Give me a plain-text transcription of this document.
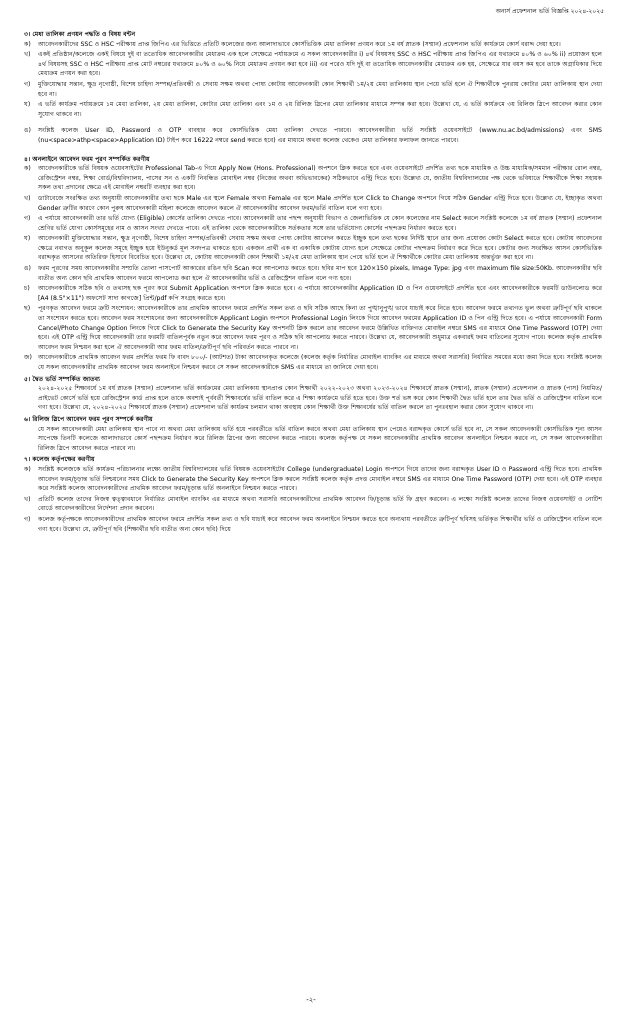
অনার্স প্রফেশনাল ভর্তি বিজ্ঞপ্তি ২০২৪-২০২৫
৩। মেধা তালিকা প্রণয়ন পদ্ধতি ও বিষয় বন্টন
ক)	আবেদনকারীদের SSC ও HSC পরীক্ষায় প্রাপ্ত জিপিএ এর ভিত্তিতে প্রতিটি কলেজের জন্য আলাদাভাবে কোর্সভিত্তিক মেধা তালিকা প্রণয়ন করে ১ম বর্ষ স্নাতক (সম্মান) প্রফেশনাল ভর্তি কার্যক্রমে কোর্স বরাদ্দ দেয়া হবে।
খ)	একই প্রতিষ্ঠান/কলেজে একই বিষয়ে দুই বা ততোধিক আবেদনকারীর মেধাক্রম এক হলে সেক্ষেত্রে পর্যায়ক্রমে এ সকল আবেদনকারীর i) ৪র্থ বিষয়সহ SSC ও HSC পরীক্ষায় প্রাপ্ত জিপিএ এর যথাক্রমে ৪০% ও ৬০% ii) প্রয়োজন হলে ৪র্থ বিষয়সহ SSC ও HSC পরীক্ষায় প্রাপ্ত মোট নম্বরের যথাক্রমে ৪০% ও ৬০% নিয়ে মেধাক্রম প্রণয়ন করা হবে iii) এর পরেও যদি দুই বা ততোধিক আবেদনকারীর মেধাক্রম এক হয়, সেক্ষেত্রে যার বয়স কম হবে তাকে অগ্রাধিকার দিয়ে মেধাক্রম প্রণয়ন করা হবে।
গ)	মুক্তিযোদ্ধার সন্তান, ক্ষুদ্র নৃগোষ্ঠী, বিশেষ চাহিদা সম্পন্ন/প্রতিবন্ধী ও সেবায় সক্ষম অথবা পোষ্য কোটায় আবেদনকারী কোন শিক্ষার্থী ১ম/২য় মেধা তালিকায় স্থান পেয়ে ভর্তি হলে ঐ শিক্ষার্থীকে পুনরায় কোটার মেধা তালিকায় স্থান দেয়া হবে না।
ঘ)	এ ভর্তি কার্যক্রম পর্যায়ক্রমে ১ম মেধা তালিকা, ২য় মেধা তালিকা, কোটার মেধা তালিকা এবং ১ম ও ২য় রিলিজ স্লিপের মেধা তালিকার মাধ্যমে সম্পন্ন করা হবে। উল্লেখ্য যে, এ ভর্তি কার্যক্রমে ৩য় রিলিজ স্লিপে আবেদন করার কোন সুযোগ থাকবে না।
ঙ)	সংশ্লিষ্ট কলেজ User ID, Password ও OTP ব্যবহার করে কোর্সভিত্তিক মেধা তালিকা দেখতে পারবে। আবেদনকারীরা ভর্তি সংশ্লিষ্ট ওয়েবসাইটে (www.nu.ac.bd/admissions) এবং SMS (nu<space>athp<space>Application ID) টাইপ করে 16222 নম্বরে send করতে হবে) এর মাধ্যমে অথবা কলেজ থেকেও মেধা তালিকার ফলাফল জানতে পারবে।
৪। অনলাইনে আবেদন ফরম পূরণ সম্পর্কিত করণীয়
ক)	আবেদনকারীকে ভর্তি বিষয়ক ওয়েবসাইটের Professional Tab-এ গিয়ে Apply Now (Hons. Professional) অপশনে ক্লিক করতে হবে এবং ওয়েবসাইটে প্রদর্শিত তথ্য ছকে মাধ্যমিক ও উচ্চ মাধ্যমিক/সমমান পরীক্ষার রোল নম্বর, রেজিস্ট্রেশন নম্বর, শিক্ষা বোর্ড/বিশ্ববিদ্যালয়, পাসের সন ও একটি নিবন্ধিত মোবাইল নম্বর (নিজের অথবা অভিভাবকের) সঠিকভাবে এন্ট্রি দিতে হবে। উল্লেখ্য যে, জাতীয় বিশ্ববিদ্যালয়ের পক্ষ থেকে ভবিষ্যতে শিক্ষার্থীকে শিক্ষা সহায়ক সকল তথ্য প্রদানের ক্ষেত্রে এই মোবাইল নম্বরটি ব্যবহার করা হবে।
খ)	ডাটাবেজে সংরক্ষিত তথ্য অনুযায়ী আবেদনকারীর তথ্য ছকে Male এর স্থলে Female অথবা Female এর স্থলে Male প্রদর্শিত হলে Click to Change অপশনে গিয়ে সঠিক Gender এন্ট্রি দিতে হবে। উল্লেখ্য যে, ইচ্ছাকৃত অথবা Gender ত্রুটির কারণে কোন পুরুষ আবেদনকারী মহিলা কলেজে আবেদন করলে ঐ আবেদনকারীর আবেদন ফরম/ভর্তি বাতিল বলে গণ্য হবে।
গ)	এ পর্যায়ে আবেদনকারী তার ভর্তি যোগ্য (Eligible) কোর্সের তালিকা দেখতে পাবে। আবেদনকারী তার পছন্দ অনুযায়ী বিভাগ ও জেলাভিত্তিক যে কোন কলেজের নাম Select করলে সংশ্লিষ্ট কলেজে ১ম বর্ষ স্নাতক (সম্মান) প্রফেশনাল শ্রেণির ভর্তি যোগ্য কোর্সসমূহের নাম ও আসন সংখ্যা দেখতে পাবে। এই তালিকা থেকে আবেদনকারীকে সর্তকতার সঙ্গে তার ভর্তিযোগ্য কোর্সের পছন্দক্রম নির্ধারণ করতে হবে।
ঘ)	আবেদনকারী মুক্তিযোদ্ধার সন্তান, ক্ষুদ্র নৃগোষ্ঠী, বিশেষ চাহিদা সম্পন্ন/প্রতিবন্ধী সেবায় সক্ষম অথবা পোষ্য কোটায় আবেদন করতে ইচ্ছুক হলে তথ্য ছকের নির্দিষ্ট স্থানে তার জন্য প্রযোজ্য কোটা Select করতে হবে। কোটায় আবেদনের ক্ষেত্রে নবাগত অনুকূল কলেজ সমূহে ইচ্ছুক হয়ে ইউনুকর্ড মূল সনদপত্র থাকতে হবে। একজন প্রার্থী এক বা একাধিক কোটায় যোগ্য হলে সেক্ষেত্রে কোটার পছন্দক্রম নির্ধারণ করে দিতে হবে। কোটার জন্য সংরক্ষিত আসন কোর্সভিত্তিক বরাদ্দকৃত আসনের অতিরিক্ত হিসাবে বিবেচিত হবে। উল্লেখ্য যে, কোটায় আবেদনকারী কোন শিক্ষার্থী ১ম/২য় মেধা তালিকায় স্থান পেয়ে ভর্তি হলে ঐ শিক্ষার্থীকে কোটার মেধা তালিকায় অন্তর্ভুক্ত করা হবে না।
ঙ)	ফরম পূরণের সময় আবেদনকারীর সম্প্রতি তোলা পাসপোর্ট আকারের রঙিন ছবি Scan করে আপলোড করতে হবে। ছবির মাপ হবে 120×150 pixels, Image Type: jpg এবং maximum file size:50Kb. আবেদনকারীর ছবি ব্যতীত অন্য কোন ছবি প্রাথমিক আবেদন ফরমে আপলোড করা হলে ঐ আবেদনকারীর ভর্তি ও রেজিস্ট্রেশন বাতিল বলে গণ্য হবে।
চ)	আবেদনকারীকে সঠিক ছবি ও তথ্যসহ ছক পূরণ করে Submit Application অপশনে ক্লিক করতে হবে। এ পর্যায়ে আবেদনকারীর Application ID ও পিন ওয়েবসাইটে প্রদর্শিত হবে এবং আবেদনকারীকে ফরমটি ডাউনলোড করে [A4 (8.5"×11") অফসেট সাদা কাগজে] প্রিন্ট/pdf কপি সংগ্রহ করতে হবে।
ছ)	পূরণকৃত আবেদন ফরমে ত্রুটি সংশোধন: আবেদনকারীকে তার প্রাথমিক আবেদন ফরমে প্রদর্শিত সকল তথ্য ও ছবি সঠিক আছে কিনা তা পুঙ্খানুপুঙ্খ ভাবে যাচাই করে নিতে হবে। আবেদন ফরমে তথ্যগত ভুল অথবা ত্রুটিপূর্ণ ছবি থাকলে তা সংশোধন করতে হবে। আবেদন ফরম সংশোধনের জন্য আবেদনকারীকে Applicant Login অপশনে Professional Login লিংকে গিয়ে আবেদন ফরমের Application ID ও পিন এন্ট্রি দিতে হবে। এ পর্যায়ে আবেদনকারী Form Cancel/Photo Change Option লিংকে গিয়ে Click to Generate the Security Key অপশনটি ক্লিক করলে তার আবেদন ফরমে উল্লিখিত ব্যক্তিগত মোবাইল নম্বরে SMS এর মাধ্যমে One Time Password (OTP) দেয়া হবে। এই OTP এন্ট্রি দিয়ে আবেদনকারী তার ফরমটি বাতিলপূর্বক নতুন করে আবেদন ফরম পূরণ ও সঠিক ছবি আপলোড করতে পারবে। উল্লেখ্য যে, আবেদনকারী শুধুমাত্র একবারই ফরম বাতিলের সুযোগ পাবে। কলেজ কর্তৃক প্রাথমিক আবেদন ফরম নিশ্চয়ন করা হলে ঐ আবেদনকারী আর ফরম বাতিল/ত্রুটিপূর্ণ ছবি পরিবর্তন করতে পারবে না।
জ) আবেদনকারীকে প্রাথমিক আবেদন ফরম প্রদর্শিত ফরম ফি বাবদ ৮০০/- (আটশত) টাকা আবেদনকৃত কলেজে (কলেজ কর্তৃক নির্ধারিত মোবাইল ব্যাংকিং এর মাধ্যমে অথবা সরাসরি) নির্ধারিত সময়ের মধ্যে জমা দিতে হবে। সংশ্লিষ্ট কলেজ যে সকল আবেদনকারীর প্রাথমিক আবেদন ফরম অনলাইনে নিশ্চয়ন করবে সে সকল আবেদনকারীকে SMS এর মাধ্যমে তা জানিয়ে দেয়া হবে।
৫। দ্বৈত ভর্তি সম্পর্কিত জাতব্য
২০২৪-২০২৫ শিক্ষাবর্ষে ১ম বর্ষ স্নাতক (সম্মান) প্রফেশনাল ভর্তি কার্যক্রমের মেধা তালিকায় স্থানপ্রাপ্ত কোন শিক্ষার্থী ২০২২-২০২৩ অথবা ২০২৩-২০২৪ শিক্ষাবর্ষে স্নাতক (সম্মান), স্নাতক (সম্মান) প্রফেশনাল ও স্নাতক (পাস) নিয়মিত/প্রাইভেট কোর্সে ভর্তি হয়ে রেজিস্ট্রেশন কার্ড প্রাপ্ত হলে তাকে অবশ্যই পূর্ববর্তী শিক্ষাবর্ষের ভর্তি বাতিল করে এ শিক্ষা কার্যক্রমে ভর্তি হতে হবে। উক্ত শর্ত ভঙ্গ করে কোন শিক্ষার্থী দ্বৈত ভর্তি হলে তার দ্বৈত ভর্তি ও রেজিস্ট্রেশন বাতিল বলে গণ্য হবে। উল্লেখ্য যে, ২০২৪-২০২৫ শিক্ষাবর্ষে স্নাতক (সম্মান) প্রফেশনাল ভর্তি কার্যক্রম চলমান থাকা অবস্থায় কোন শিক্ষার্থী উক্ত শিক্ষাবর্ষের ভর্তি বাতিল করলে তা পুনঃবহাল করার কোন সুযোগ থাকবে না।
৬। রিলিজ স্লিপে আবেদন ফরম পূরণ সম্পর্কে করণীয়
যে সকল আবেদনকারী মেধা তালিকায় স্থান পাবে না অথবা মেধা তালিকায় ভর্তি হয়ে পরবর্তীতে ভর্তি বাতিল করবে অথবা মেধা তালিকায় স্থান পেয়েও বরাদ্দকৃত কোর্সে ভর্তি হবে না, সে সকল আবেদনকারী কোর্সভিত্তিক শূন্য আসন সাপেক্ষে তিনটি কলেজে আলাদাভাবে কোর্স পছন্দক্রম নির্ধারণ করে রিলিজ স্লিপের জন্য আবেদন করতে পারবে। কলেজ কর্তৃপক্ষ যে সকল আবেদনকারীর প্রাথমিক আবেদন অনলাইনে নিশ্চয়ন করবে না, সে সকল আবেদনকারীরা রিলিজ স্লিপে আবেদন করতে পারবে না।
৭। কলেজ কর্তৃপক্ষের করণীয়
ক)	সংশ্লিষ্ট কলেজকে ভর্তি কার্যক্রম পরিচালনার লক্ষ্যে জাতীয় বিশ্ববিদ্যালয়ের ভর্তি বিষয়ক ওয়েবসাইটের College (undergraduate) Login অপশনে গিয়ে তাদের জন্য বরাদ্দকৃত User ID ও Password এন্ট্রি দিতে হবে। প্রাথমিক আবেদন ফরম/চূড়ান্ত ভর্তি নিশ্চয়নের সময় Click to Generate the Security Key অপশনে ক্লিক করলে সংশ্লিষ্ট কলেজ কর্তৃক প্রদত্ত মোবাইল নম্বরে SMS এর মাধ্যমে One Time Password (OTP) দেয়া হবে। এই OTP ব্যবহার করে সংশ্লিষ্ট কলেজ আবেদনকারীদের প্রাথমিক আবেদন ফরম/চূড়ান্ত ভর্তি অনলাইনে নিশ্চয়ন করতে পারবে।
খ)	প্রতিটি কলেজ তাদের নিজস্ব ত্বত্ত্বাবধানে নির্ধারিত মোবাইল ব্যাংকিং এর মাধ্যমে অথবা সরাসরি আবেদনকারীদের প্রাথমিক আবেদন ফি/চূড়ান্ত ভর্তি ফি গ্রহণ করবেন। এ লক্ষ্যে সংশ্লিষ্ট কলেজ তাদের নিজস্ব ওয়েবসাইট ও নোটিশ বোর্ডে আবেদনকারীদের নির্দেশনা প্রদান করবেন।
গ)	কলেজ কর্তৃপক্ষকে আবেদনকারীদের প্রাথমিক আবেদন ফরমে প্রদর্শিত সকল তথ্য ও ছবি যাচাই করে আবেদন ফরম অনলাইনে নিশ্চয়ন করতে হবে অন্যথায় পরবর্তীতে ত্রুটিপূর্ণ ছবিসহ ভর্তিকৃত শিক্ষার্থীর ভর্তি ও রেজিস্ট্রেশন বাতিল বলে গণ্য হবে। উল্লেখ্য যে, ত্রুটিপূর্ণ ছবি (শিক্ষার্থীর ছবি ব্যতীত অন্য কোন ছবি) দিয়ে
-২-
